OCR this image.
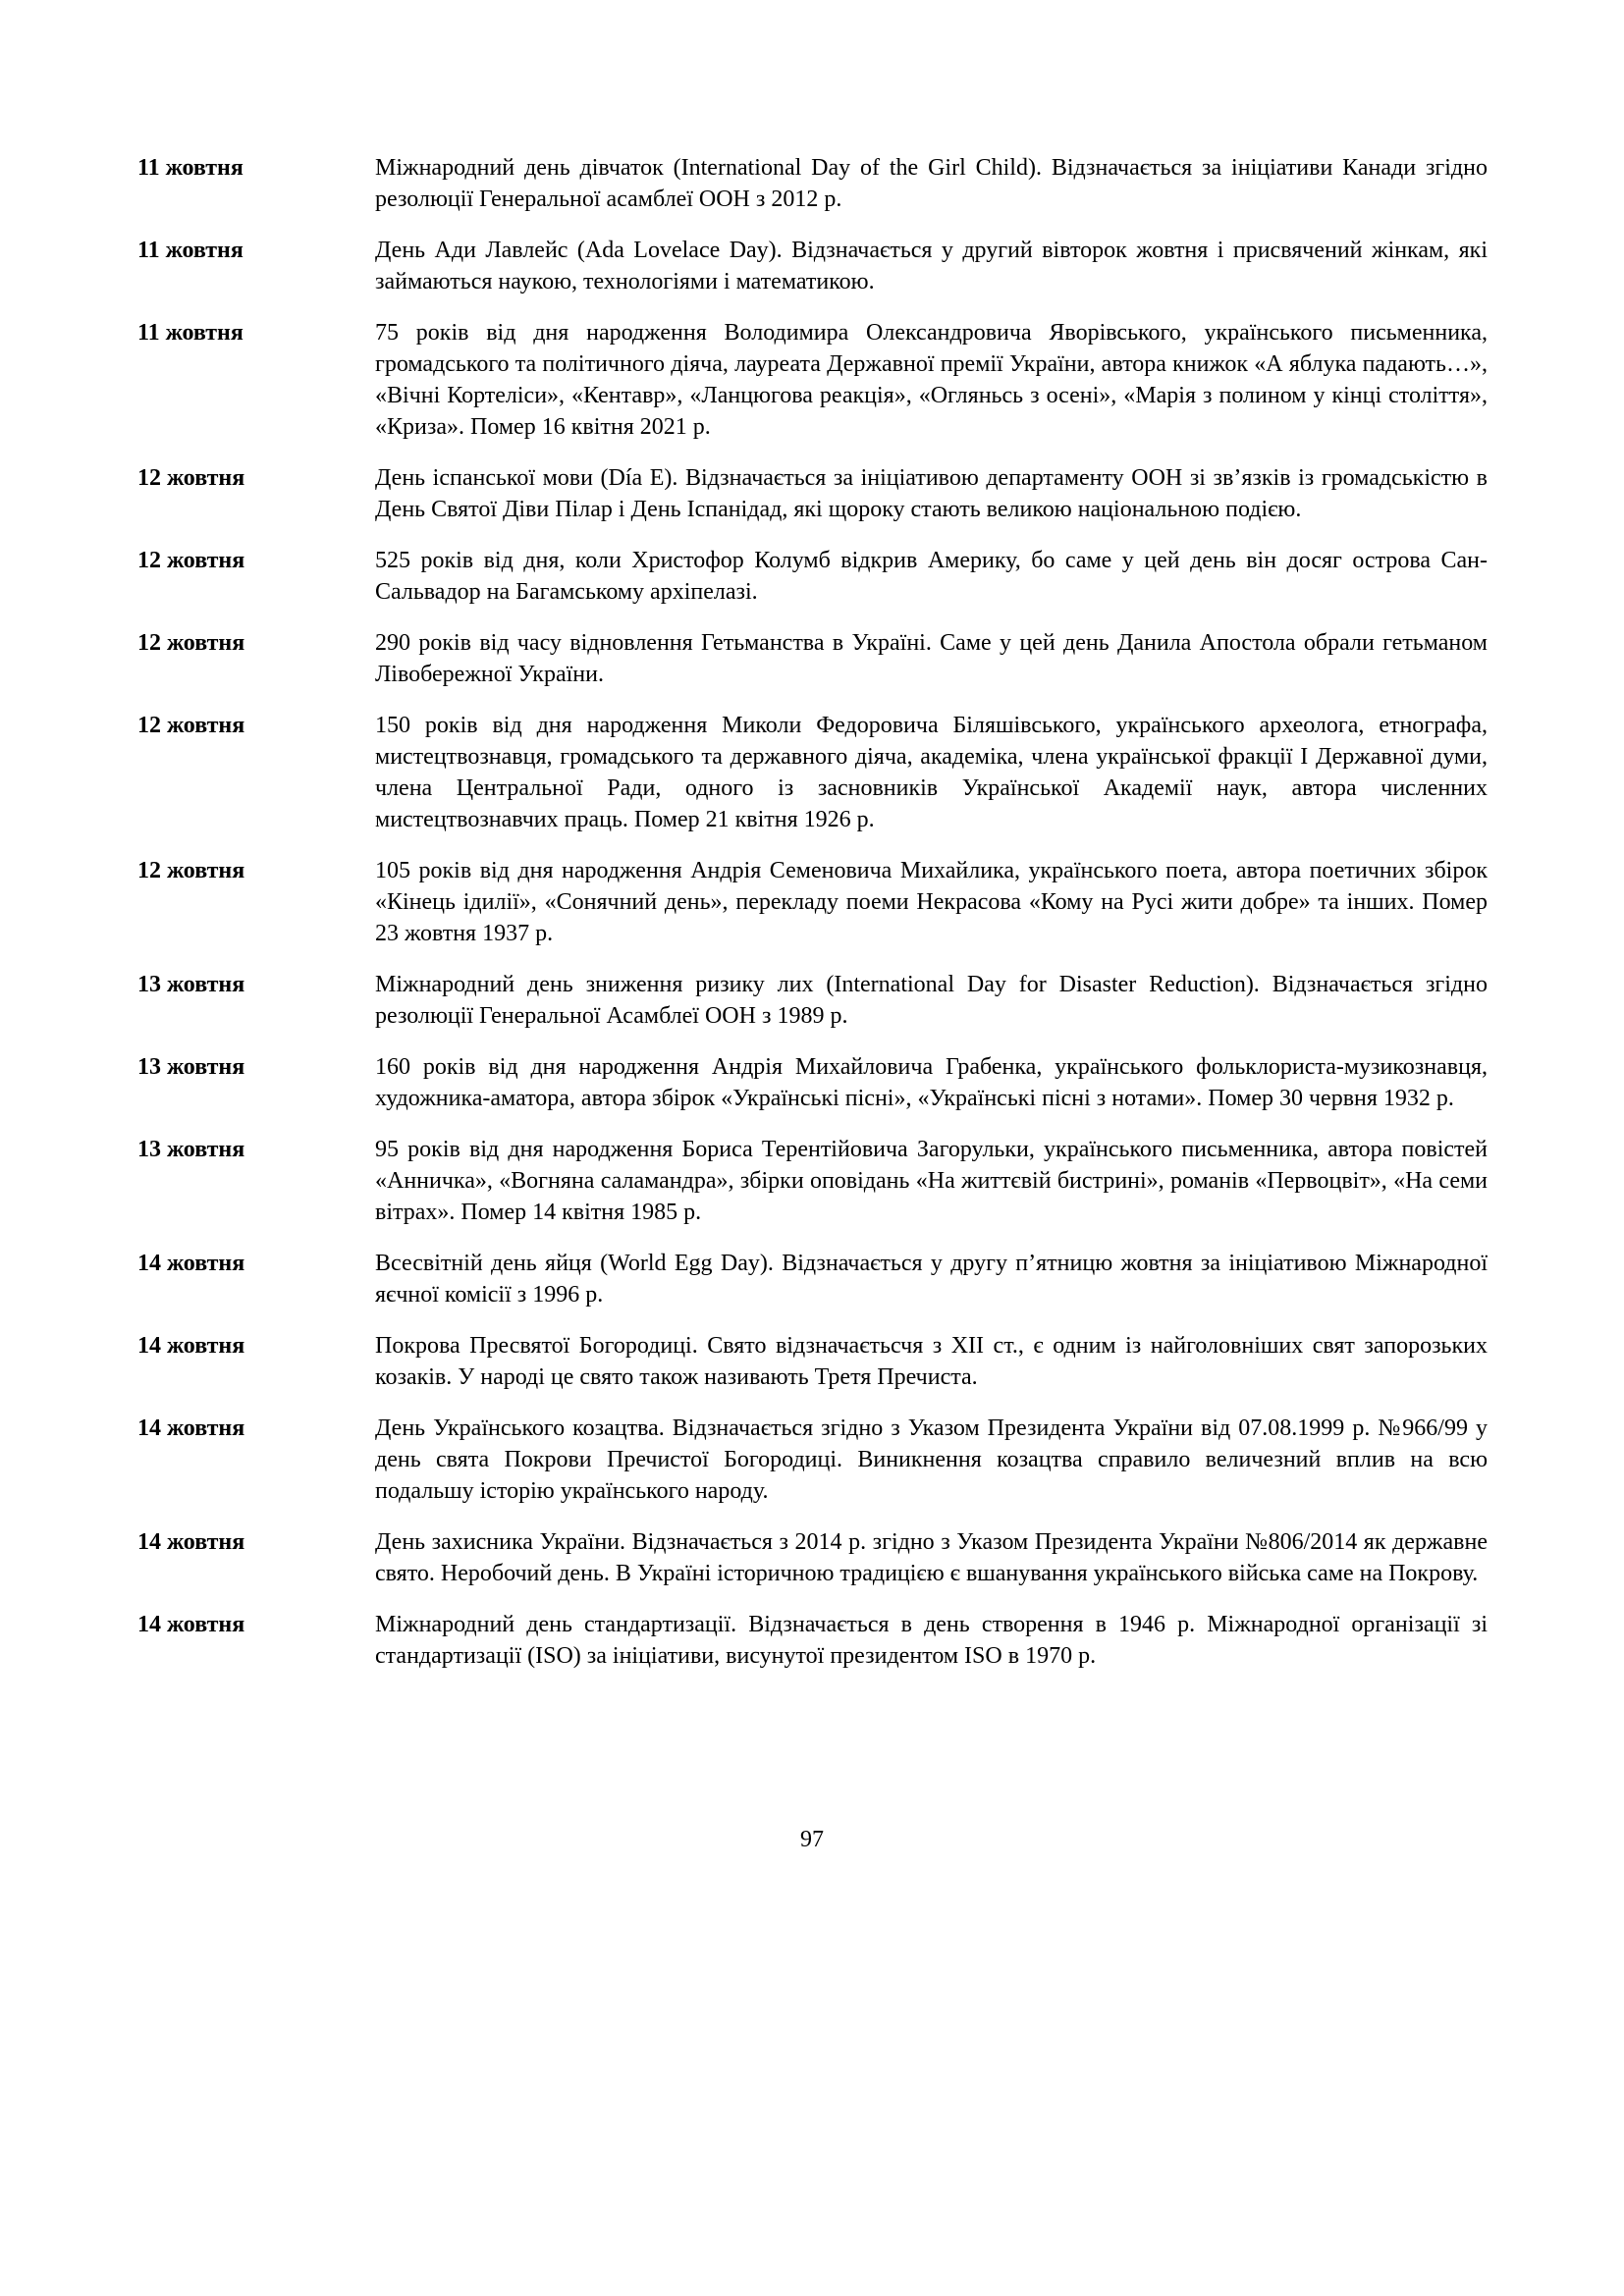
11 жовтня	Міжнародний день дівчаток (International Day of the Girl Child). Відзначається за ініціативи Канади згідно резолюції Генеральної асамблеї ООН з 2012 р.
11 жовтня	День Ади Лавлейс (Ada Lovelace Day). Відзначається у другий вівторок жовтня і присвячений жінкам, які займаються наукою, технологіями і математикою.
11 жовтня	75 років від дня народження Володимира Олександровича Яворівського, українського письменника, громадського та політичного діяча, лауреата Державної премії України, автора книжок «А яблука падають…», «Вічні Кортеліси», «Кентавр», «Ланцюгова реакція», «Огляньсь з осені», «Марія з полином у кінці століття», «Криза». Помер 16 квітня 2021 р.
12 жовтня	День іспанської мови (Día E). Відзначається за ініціативою департаменту ООН зі зв’язків із громадськістю в День Святої Діви Пілар і День Іспанідад, які щороку стають великою національною подією.
12 жовтня	525 років від дня, коли Христофор Колумб відкрив Америку, бо саме у цей день він досяг острова Сан-Сальвадор на Багамському архіпелазі.
12 жовтня	290 років від часу відновлення Гетьманства в Україні. Саме у цей день Данила Апостола обрали гетьманом Лівобережної України.
12 жовтня	150 років від дня народження Миколи Федоровича Біляшівського, українського археолога, етнографа, мистецтвознавця, громадського та державного діяча, академіка, члена української фракції І Державної думи, члена Центральної Ради, одного із засновників Української Академії наук, автора численних мистецтвознавчих праць. Помер 21 квітня 1926 р.
12 жовтня	105 років від дня народження Андрія Семеновича Михайлика, українського поета, автора поетичних збірок «Кінець ідилії», «Сонячний день», перекладу поеми Некрасова «Кому на Русі жити добре» та інших. Помер 23 жовтня 1937 р.
13 жовтня	Міжнародний день зниження ризику лих (International Day for Disaster Reduction). Відзначається згідно резолюції Генеральної Асамблеї ООН з 1989 р.
13 жовтня	160 років від дня народження Андрія Михайловича Грабенка, українського фольклориста-музикознавця, художника-аматора, автора збірок «Українські пісні», «Українські пісні з нотами». Помер 30 червня 1932 р.
13 жовтня	95 років від дня народження Бориса Терентійовича Загорульки, українського письменника, автора повістей «Анничка», «Вогняна саламандра», збірки оповідань «На життєвій бистрині», романів «Первоцвіт», «На семи вітрах». Помер 14 квітня 1985 р.
14 жовтня	Всесвітній день яйця (World Egg Day). Відзначається у другу п’ятницю жовтня за ініціативою Міжнародної яєчної комісії з 1996 р.
14 жовтня	Покрова Пресвятої Богородиці. Свято відзначаєтьсчя з XII ст., є одним із найголовніших свят запорозьких козаків. У народі це свято також називають Третя Пречиста.
14 жовтня	День Українського козацтва. Відзначається згідно з Указом Президента України від 07.08.1999 р. №966/99 у день свята Покрови Пречистої Богородиці. Виникнення козацтва справило величезний вплив на всю подальшу історію українського народу.
14 жовтня	День захисника України. Відзначається з 2014 р. згідно з Указом Президента України №806/2014 як державне свято. Неробочий день. В Україні історичною традицією є вшанування українського війська саме на Покрову.
14 жовтня	Міжнародний день стандартизації. Відзначається в день створення в 1946 р. Міжнародної організації зі стандартизації (ISO) за ініціативи, висунутої президентом ISO в 1970 р.
97
